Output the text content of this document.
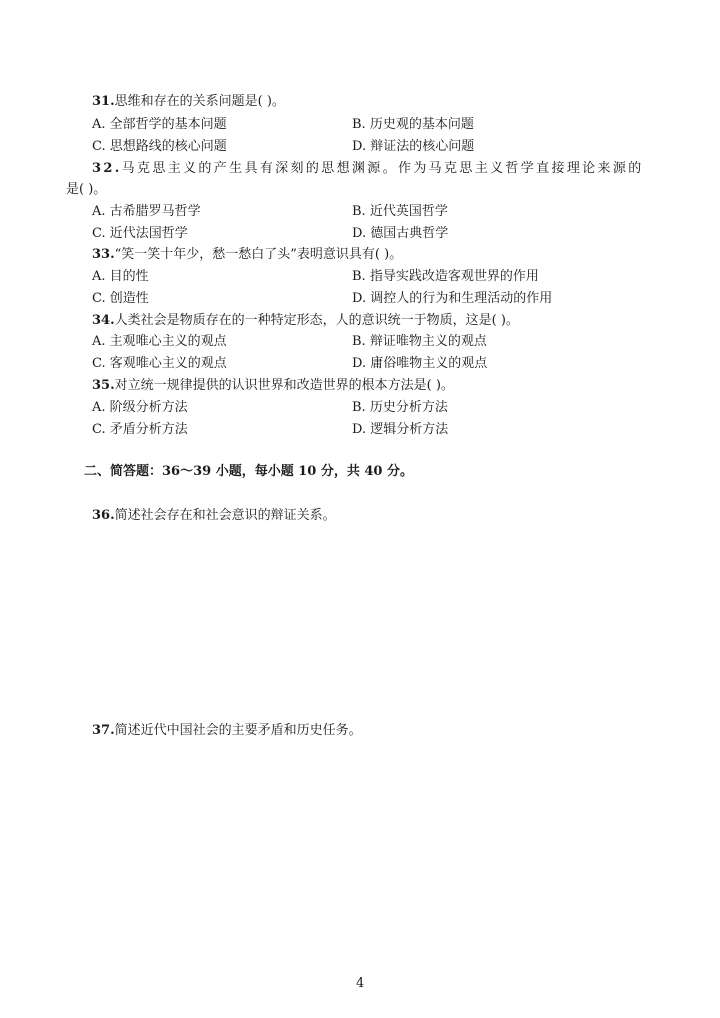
31.思维和存在的关系问题是( )。
A. 全部哲学的基本问题	B. 历史观的基本问题
C. 思想路线的核心问题	D. 辩证法的核心问题
32.马克思主义的产生具有深刻的思想渊源。作为马克思主义哲学直接理论来源的
是( )。
A. 古希腊罗马哲学	B. 近代英国哲学
C. 近代法国哲学	D. 德国古典哲学
33.“笑一笑十年少，愁一愁白了头”表明意识具有( )。
A. 目的性	B. 指导实践改造客观世界的作用
C. 创造性	D. 调控人的行为和生理活动的作用
34.人类社会是物质存在的一种特定形态，人的意识统一于物质，这是( )。
A. 主观唯心主义的观点	B. 辩证唯物主义的观点
C. 客观唯心主义的观点	D. 庸俗唯物主义的观点
35.对立统一规律提供的认识世界和改造世界的根本方法是( )。
A. 阶级分析方法	B. 历史分析方法
C. 矛盾分析方法	D. 逻辑分析方法
二、简答题：36～39 小题，每小题 10 分，共 40 分。
36.简述社会存在和社会意识的辩证关系。
37.简述近代中国社会的主要矛盾和历史任务。
4
